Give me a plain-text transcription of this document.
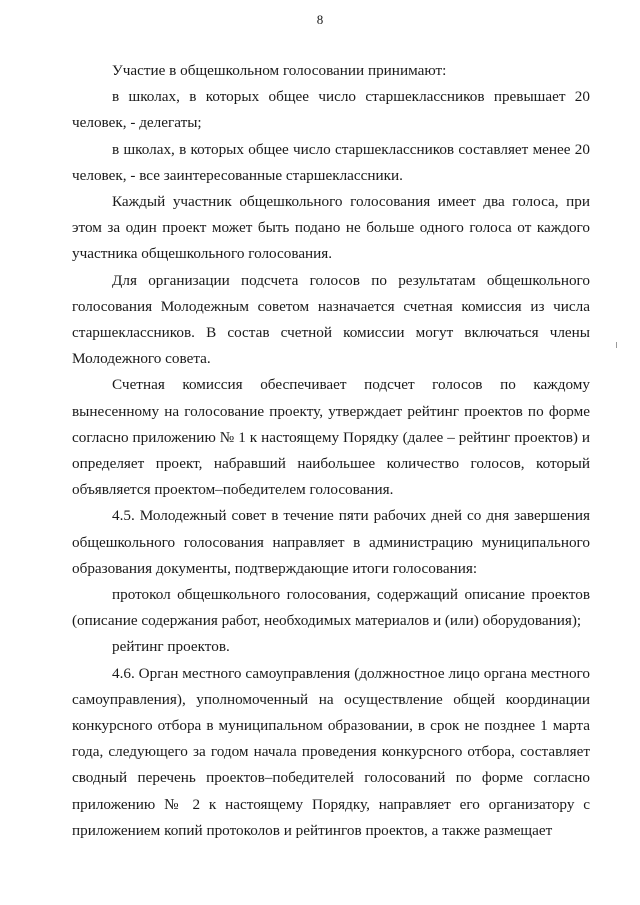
8

Участие в общешкольном голосовании принимают:

в школах, в которых общее число старшеклассников превышает 20 человек, - делегаты;

в школах, в которых общее число старшеклассников составляет менее 20 человек, - все заинтересованные старшеклассники.

Каждый участник общешкольного голосования имеет два голоса, при этом за один проект может быть подано не больше одного голоса от каждого участника общешкольного голосования.

Для организации подсчета голосов по результатам общешкольного голосования Молодежным советом назначается счетная комиссия из числа старшеклассников. В состав счетной комиссии могут включаться члены Молодежного совета.

Счетная комиссия обеспечивает подсчет голосов по каждому вынесенному на голосование проекту, утверждает рейтинг проектов по форме согласно приложению № 1 к настоящему Порядку (далее – рейтинг проектов) и определяет проект, набравший наибольшее количество голосов, который объявляется проектом–победителем голосования.

4.5. Молодежный совет в течение пяти рабочих дней со дня завершения общешкольного голосования направляет в администрацию муниципального образования документы, подтверждающие итоги голосования:

протокол общешкольного голосования, содержащий описание проектов (описание содержания работ, необходимых материалов и (или) оборудования);

рейтинг проектов.

4.6. Орган местного самоуправления (должностное лицо органа местного самоуправления), уполномоченный на осуществление общей координации конкурсного отбора в муниципальном образовании, в срок не позднее 1 марта года, следующего за годом начала проведения конкурсного отбора, составляет сводный перечень проектов–победителей голосований по форме согласно приложению № 2 к настоящему Порядку, направляет его организатору с приложением копий протоколов и рейтингов проектов, а также размещает
